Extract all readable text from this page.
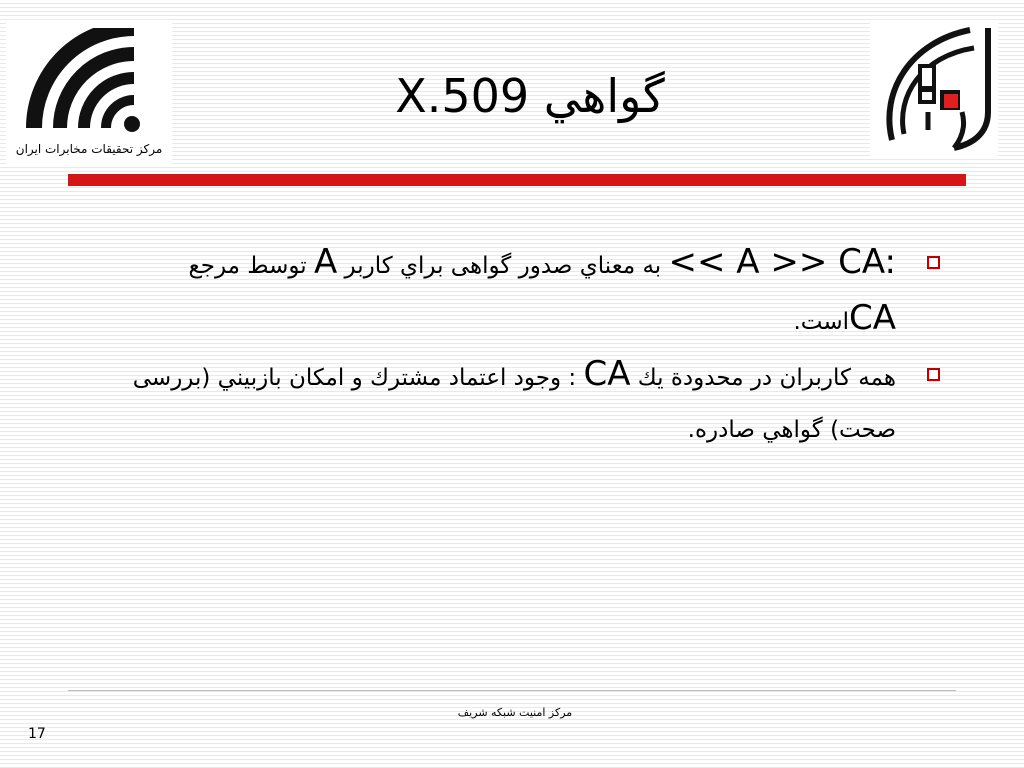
مركز تحقيقات مخابرات ايران
X.509 گواهي
<< A >> CA: به معناي صدور گواهی براي كاربر A توسط مرجع CAاست.
همه كاربران در محدودة يك CA : وجود اعتماد مشترك و امكان بازبيني (بررسی صحت) گواهي صادره.
مرکز امنیت شبکه شریف
17
